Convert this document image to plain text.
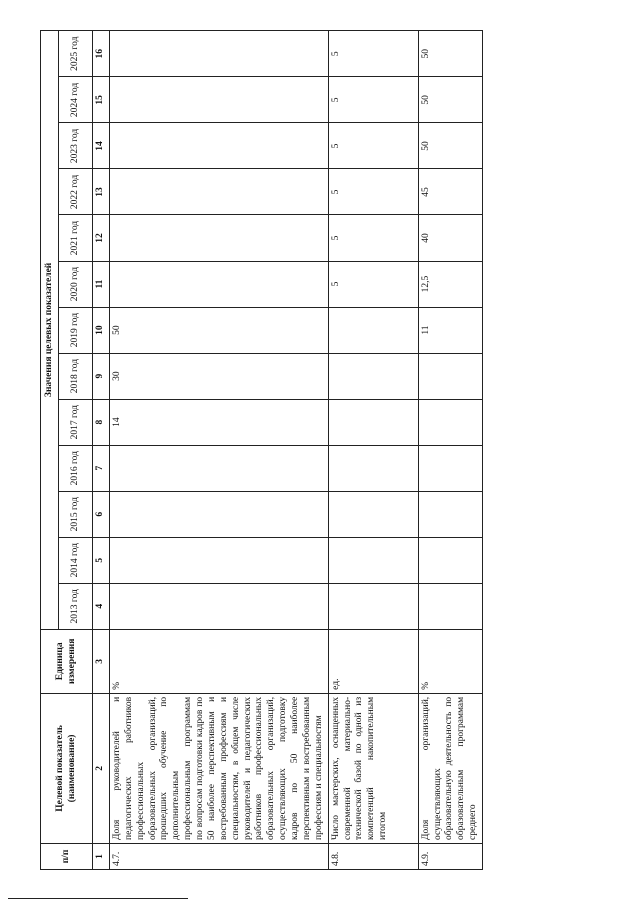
п/п	Целевой показатель (наименование)	Единица измерения	Значения целевых показателей												
			2013 год	2014 год	2015 год	2016 год	2017 год	2018 год	2019 год	2020 год	2021 год	2022 год	2023 год	2024 год	2025 год
1	2	3	4	5	6	7	8	9	10	11	12	13	14	15	16
4.7.	Доля руководителей и педагогических работников профессиональных образовательных организаций, прошедших обучение по дополнительным профессиональным программам по вопросам подготовки кадров по 50 наиболее перспективным и востребованным профессиям и специальностям, в общем числе руководителей и педагогических работников профессиональных образовательных организаций, осуществляющих подготовку кадров по 50 наиболее перспективным и востребованным профессиям и специальностям	%					14	30	50						
4.8.	Число мастерских, оснащенных современной материально-технической базой по одной из компетенций накопительным итогом	ед.								5	5	5	5	5	5
4.9.	Доля организаций, осуществляющих образовательную деятельность по образовательным программам среднего	%							11	12,5	40	45	50	50	50
